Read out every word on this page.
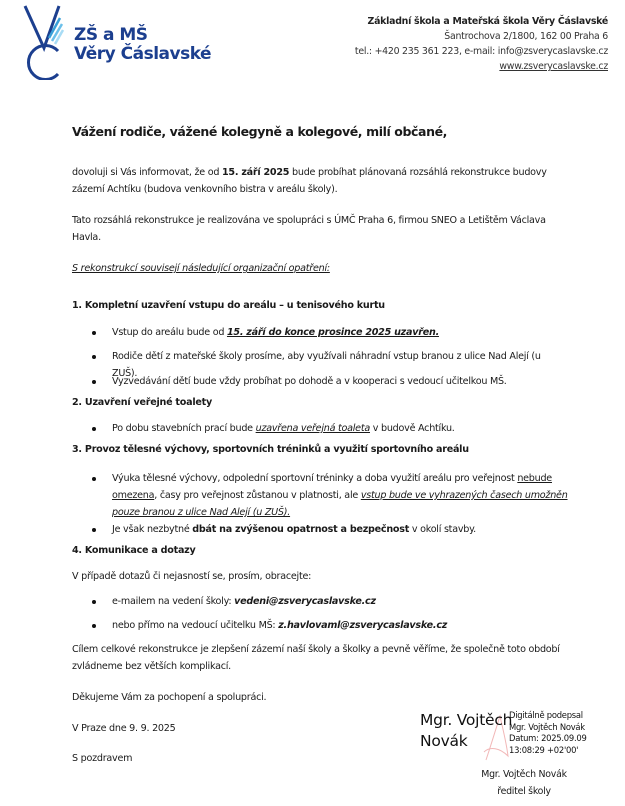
ZŠ a MŠ
Věry Čáslavské
Základní škola a Mateřská škola Věry Čáslavské
Šantrochova 2/1800, 162 00 Praha 6
tel.: +420 235 361 223, e-mail: info@zsverycaslavske.cz
www.zsverycaslavske.cz
Vážení rodiče, vážené kolegyně a kolegové, milí občané,
dovoluji si Vás informovat, že od 15. září 2025 bude probíhat plánovaná rozsáhlá rekonstrukce budovy zázemí Achtíku (budova venkovního bistra v areálu školy).
Tato rozsáhlá rekonstrukce je realizována ve spolupráci s ÚMČ Praha 6, firmou SNEO a Letištěm Václava Havla.
S rekonstrukcí souvisejí následující organizační opatření:
1. Kompletní uzavření vstupu do areálu – u tenisového kurtu
Vstup do areálu bude od 15. září do konce prosince 2025 uzavřen.
Rodiče dětí z mateřské školy prosíme, aby využívali náhradní vstup branou z ulice Nad Alejí (u ZUŠ).
Vyzvedávání dětí bude vždy probíhat po dohodě a v kooperaci s vedoucí učitelkou MŠ.
2. Uzavření veřejné toalety
Po dobu stavebních prací bude uzavřena veřejná toaleta v budově Achtíku.
3. Provoz tělesné výchovy, sportovních tréninků a využití sportovního areálu
Výuka tělesné výchovy, odpolední sportovní tréninky a doba využití areálu pro veřejnost nebude omezena, časy pro veřejnost zůstanou v platnosti, ale vstup bude ve vyhrazených časech umožněn pouze branou z ulice Nad Alejí (u ZUŠ).
Je však nezbytné dbát na zvýšenou opatrnost a bezpečnost v okolí stavby.
4. Komunikace a dotazy
V případě dotazů či nejasností se, prosím, obracejte:
e-mailem na vedení školy: vedeni@zsverycaslavske.cz
nebo přímo na vedoucí učitelku MŠ: z.havlovaml@zsverycaslavske.cz
Cílem celkové rekonstrukce je zlepšení zázemí naší školy a školky a pevně věříme, že společně toto období zvládneme bez větších komplikací.
Děkujeme Vám za pochopení a spolupráci.
V Praze dne 9. 9. 2025
S pozdravem
Mgr. Vojtěch
Novák
Digitálně podepsal
Mgr. Vojtěch Novák
Datum: 2025.09.09
13:08:29 +02'00'
Mgr. Vojtěch Novák
ředitel školy
